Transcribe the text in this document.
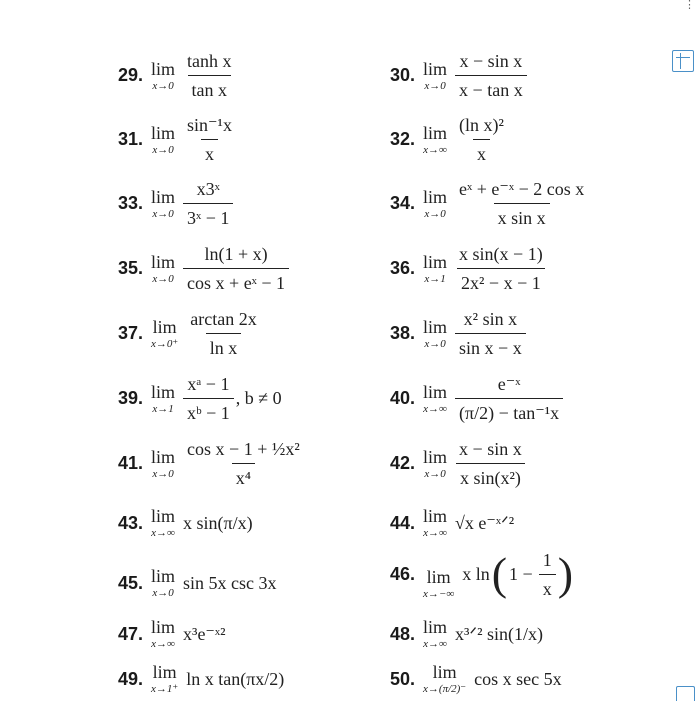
⋮
29. lim
$x\to 0 \frac{\text{tanh x}}{\text{tan x}}$	30. lim
$x\to 0 \frac{\text{x − sin x}}{\text{x − tan x}}$
31. lim
$x\to 0 \frac{\text{sin⁻¹x}}{x}$	32. lim
$x\to\infty \frac{\text{(ln x)²}}{x}$
33. lim
$x\to 0 \frac{\text{x3ˣ}}{\text{3ˣ − 1}}$	34. lim
$x\to 0 \frac{\text{eˣ + e⁻ˣ − 2 cos x}}{\text{x sin x}}$
35. lim
$x\to 0 \frac{\ln(1 + x)}{\text{cos x + eˣ − 1}}$	36. lim
$x\to 1 \frac{\text{x sin(x − 1)}}{\text{2x² − x − 1}}$
37. lim
$x\to 0^+ \frac{\arctan 2x}{\text{ln x}}$	38. lim
$x\to 0 \frac{\text{x² sin x}}{\text{sin x − x}}$
39. lim
$x\to 1 \frac{\text{xᵃ − 1}}{\text{xᵇ − 1}}$ , b ≠ 0	40. lim
$x\to\infty \frac{\text{e⁻ˣ}}{\text{(π/2) − tan⁻¹x}}$
41. lim
$x\to 0 \frac{\text{cos x − 1 + ½x²}}{\text{x⁴}}$	42. lim
$x\to 0 \frac{\text{x − sin x}}{\text{x sin(x²)}}$
43. lim
x→∞
x sin(π/x)	44. lim
x→∞
√x e⁻ˣᐟ²
45. lim
x→0
sin 5x csc 3x	46. lim
x→−∞
x ln ( $1 - \frac{1}{x}$ )
47. lim
x→∞
x³e⁻ˣ²	48. lim
x→∞
x³ᐟ² sin(1/x)
49. lim
x→1⁺
ln x tan(πx/2)	50. lim
x→(π/2)⁻
cos x sec 5x
